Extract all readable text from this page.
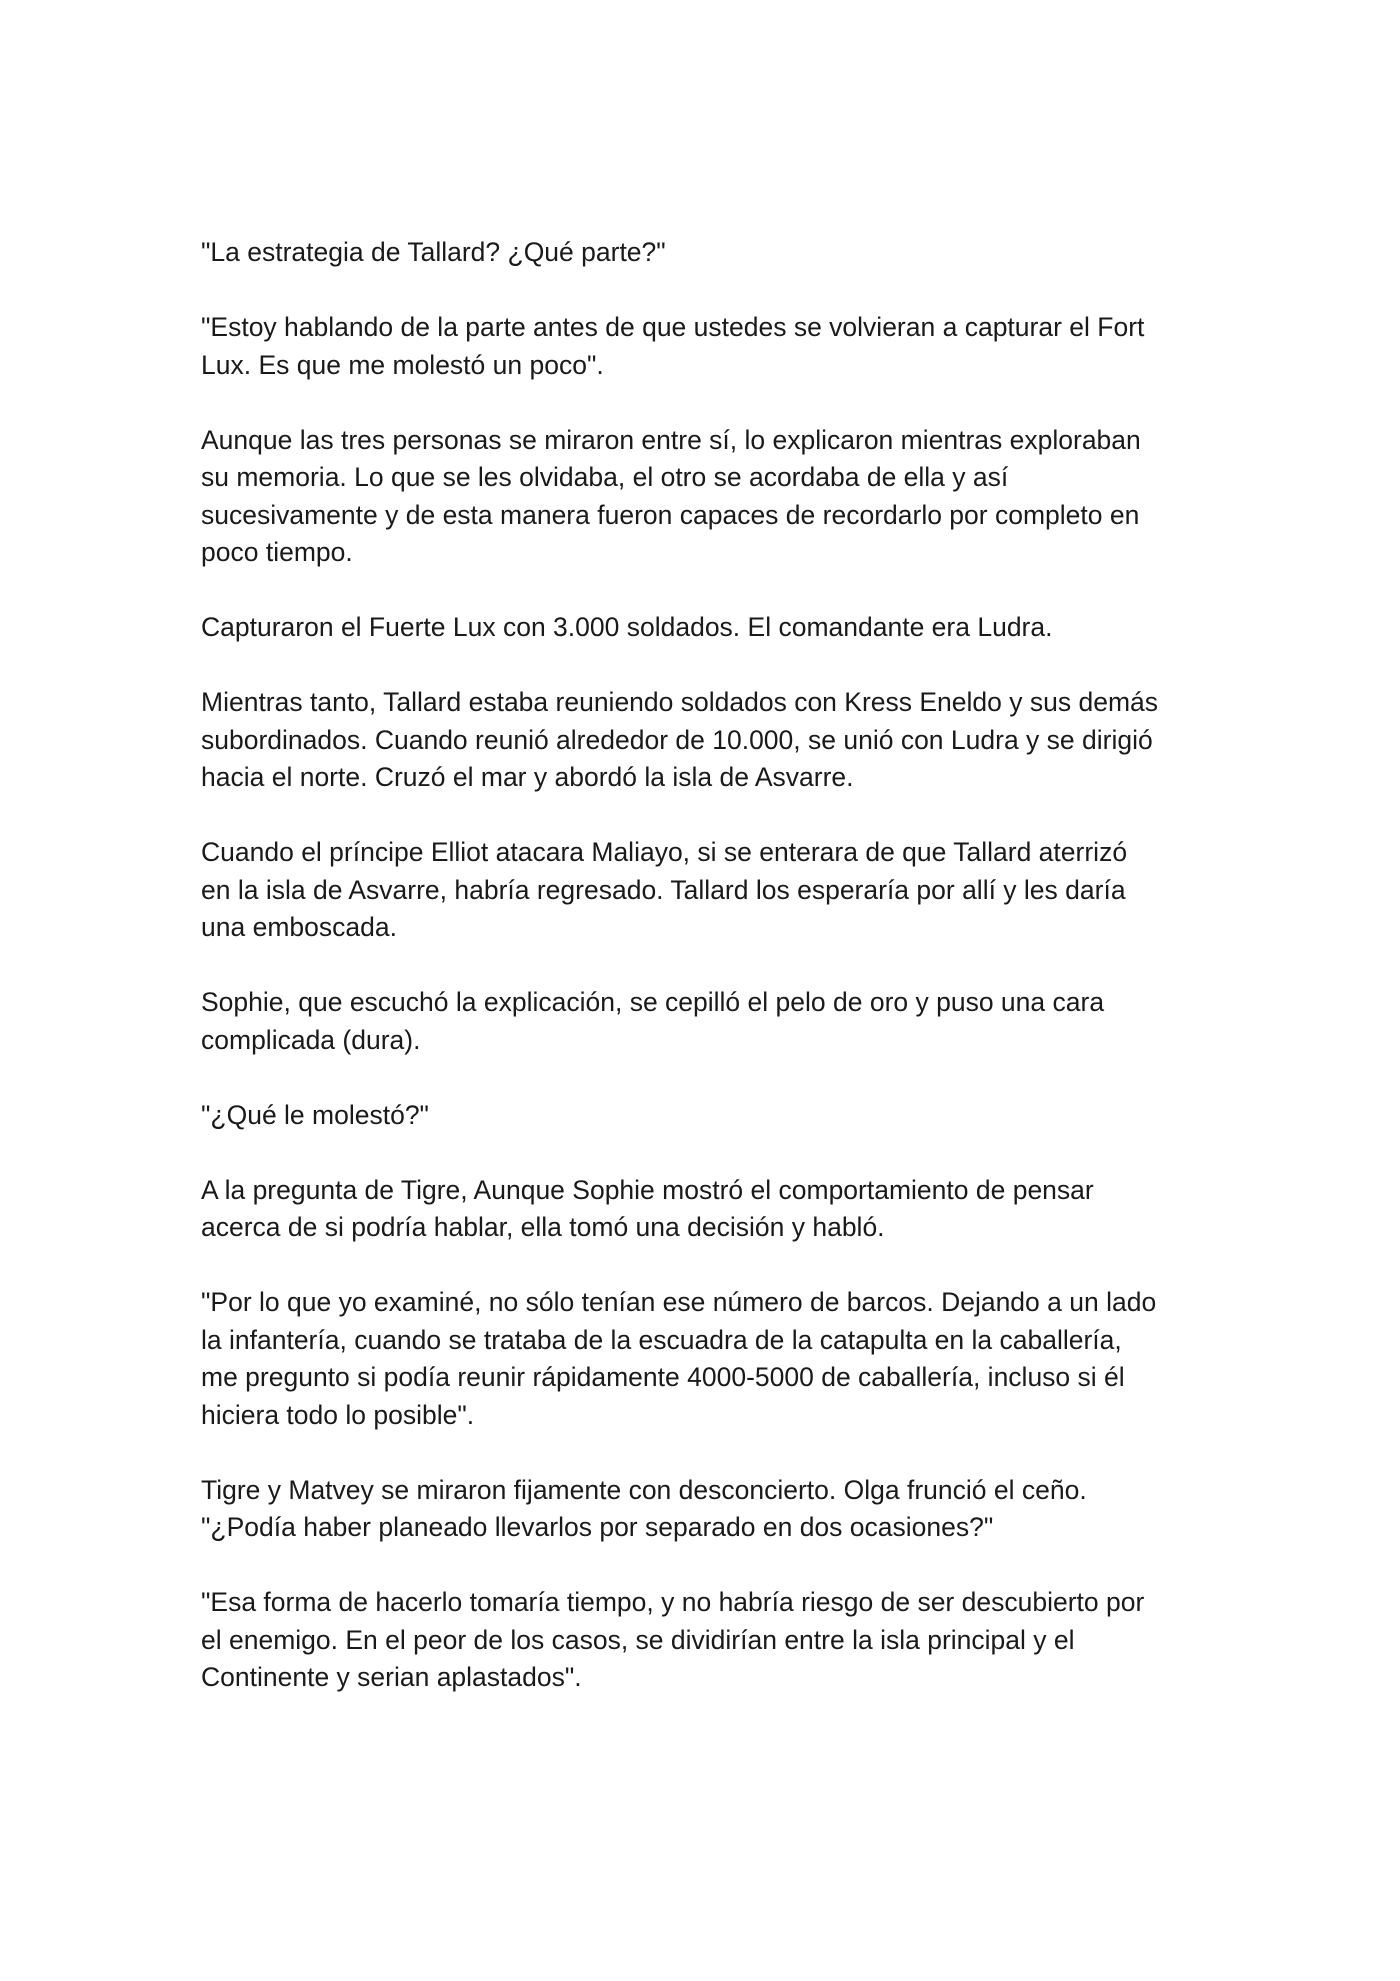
"La estrategia de Tallard? ¿Qué parte?"

"Estoy hablando de la parte antes de que ustedes se volvieran a capturar el Fort
Lux. Es que me molestó un poco".

Aunque las tres personas se miraron entre sí, lo explicaron mientras exploraban
su memoria. Lo que se les olvidaba, el otro se acordaba de ella y así
sucesivamente y de esta manera fueron capaces de recordarlo por completo en
poco tiempo.

Capturaron el Fuerte Lux con 3.000 soldados. El comandante era Ludra.

Mientras tanto, Tallard estaba reuniendo soldados con Kress Eneldo y sus demás
subordinados. Cuando reunió alrededor de 10.000, se unió con Ludra y se dirigió
hacia el norte. Cruzó el mar y abordó la isla de Asvarre.

Cuando el príncipe Elliot atacara Maliayo, si se enterara de que Tallard aterrizó
en la isla de Asvarre, habría regresado. Tallard los esperaría por allí y les daría
una emboscada.

Sophie, que escuchó la explicación, se cepilló el pelo de oro y puso una cara
complicada (dura).

"¿Qué le molestó?"

A la pregunta de Tigre, Aunque Sophie mostró el comportamiento de pensar
acerca de si podría hablar, ella tomó una decisión y habló.

"Por lo que yo examiné, no sólo tenían ese número de barcos. Dejando a un lado
la infantería, cuando se trataba de la escuadra de la catapulta en la caballería,
me pregunto si podía reunir rápidamente 4000-5000 de caballería, incluso si él
hiciera todo lo posible".

Tigre y Matvey se miraron fijamente con desconcierto. Olga frunció el ceño.
"¿Podía haber planeado llevarlos por separado en dos ocasiones?"

"Esa forma de hacerlo tomaría tiempo, y no habría riesgo de ser descubierto por
el enemigo. En el peor de los casos, se dividirían entre la isla principal y el
Continente y serian aplastados".
